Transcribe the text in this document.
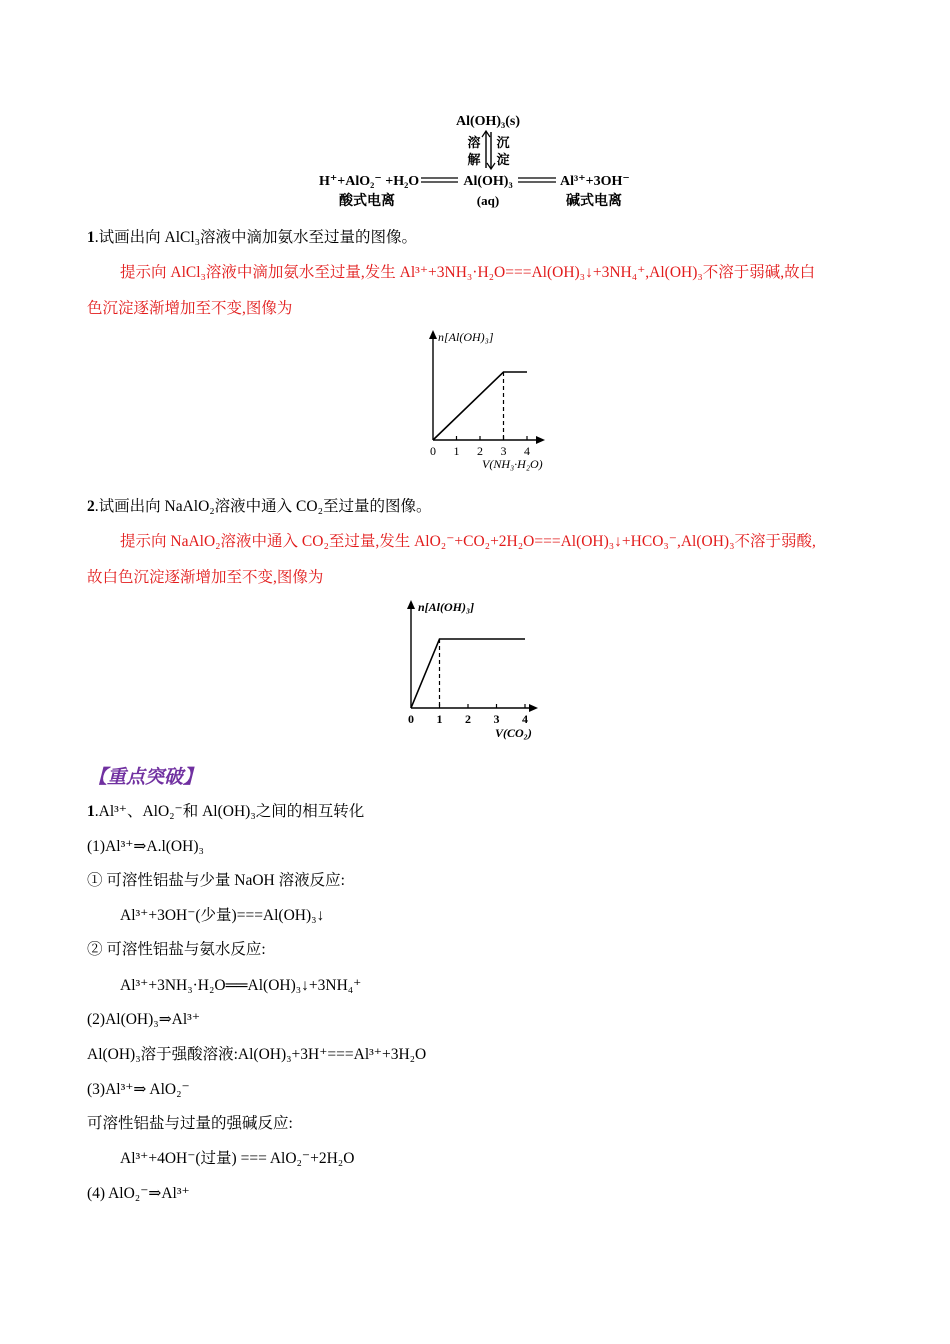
Al(OH)₃(s)
溶
解
沉
淀
H⁺+AlO₂⁻ +H₂O	Al(OH)₃	Al³⁺+3OH⁻
酸式电离	(aq)	碱式电离
1.试画出向 AlCl₃溶液中滴加氨水至过量的图像。
提示向 AlCl₃溶液中滴加氨水至过量,发生 Al³⁺+3NH₃·H₂O===Al(OH)₃↓+3NH₄⁺,Al(OH)₃不溶于弱碱,故白
色沉淀逐渐增加至不变,图像为
n[Al(OH)₃]
V(NH₃·H₂O)
0 1 2 3 4
2.试画出向 NaAlO₂溶液中通入 CO₂至过量的图像。
提示向 NaAlO₂溶液中通入 CO₂至过量,发生 AlO₂⁻+CO₂+2H₂O===Al(OH)₃↓+HCO₃⁻,Al(OH)₃不溶于弱酸,
故白色沉淀逐渐增加至不变,图像为
n[Al(OH)₃]
V(CO₂)
0 1 2 3 4
【重点突破】
1.Al³⁺、AlO₂⁻和 Al(OH)₃之间的相互转化
(1)Al³⁺⇒A.l(OH)₃
① 可溶性铝盐与少量 NaOH 溶液反应:
Al³⁺+3OH⁻(少量)===Al(OH)₃↓
② 可溶性铝盐与氨水反应:
Al³⁺+3NH₃·H₂O══Al(OH)₃↓+3NH₄⁺
(2)Al(OH)₃⇒Al³⁺
Al(OH)₃溶于强酸溶液:Al(OH)₃+3H⁺===Al³⁺+3H₂O
(3)Al³⁺⇒ AlO₂⁻
可溶性铝盐与过量的强碱反应:
Al³⁺+4OH⁻(过量) === AlO₂⁻+2H₂O
(4) AlO₂⁻⇒Al³⁺
